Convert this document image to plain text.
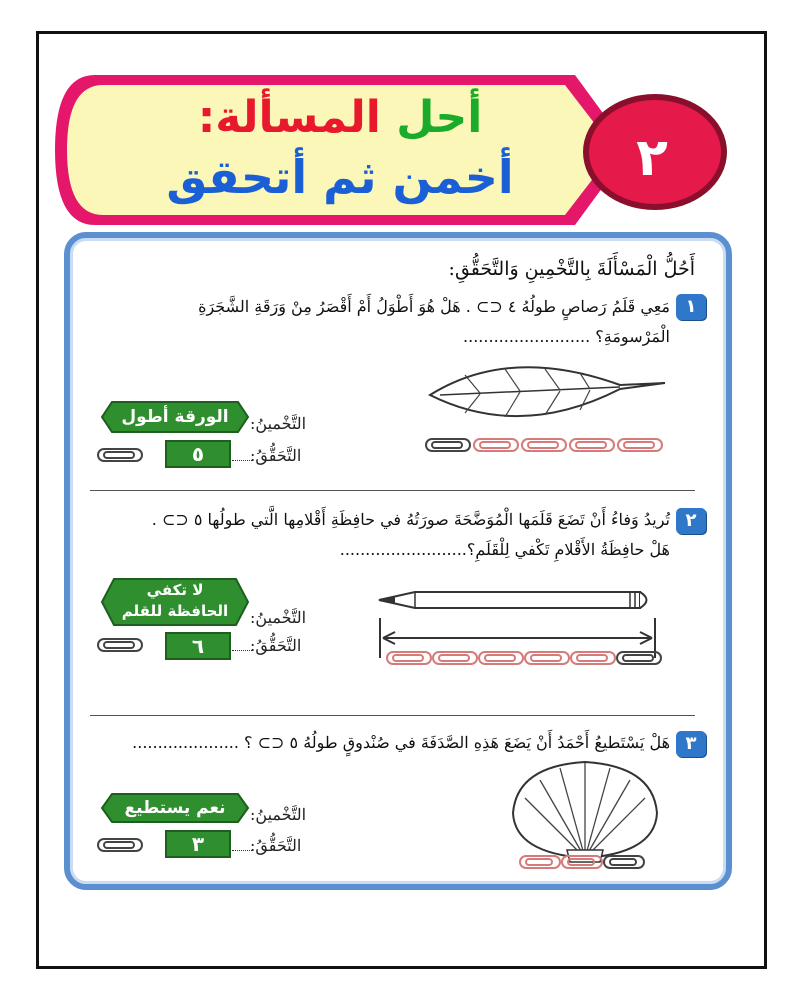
أحل المسألة:
أخمن ثم أتحقق	٢
أَحُلُّ الْمَسْأَلَةَ بِالتَّخْمِينِ وَالتَّحَقُّقِ:
١
مَعِي قَلَمُ رَصاصٍ طولُهُ ٤ ⊂⊃ . هَلْ هُوَ أَطْوَلُ أَمْ أَقْصَرُ مِنْ وَرَقَةِ الشَّجَرَةِ
الْمَرْسومَةِ؟ .........................
التَّخْمينُ:
الورقة أطول
التَّحَقُّقُ:
٥
٢
تُريدُ وَفاءُ أَنْ تَضَعَ قَلَمَها الْمُوَضَّحَةَ صورَتُهُ في حافِظَةِ أَقْلامِها الَّتي طولُها ٥ ⊂⊃ .
هَلْ حافِظَةُ الأَقْلامِ تَكْفي لِلْقَلَمِ؟.........................
التَّخْمينُ:
لا تكفي
الحافظة للقلم
التَّحَقُّقُ:
٦
٣
هَلْ يَسْتَطيعُ أَحْمَدُ أَنْ يَضَعَ هَذِهِ الصَّدَفَةَ في صُنْدوقٍ طولُهُ ٥ ⊂⊃ ؟ .....................
التَّخْمينُ:
نعم يستطيع
التَّحَقُّقُ:
٣
